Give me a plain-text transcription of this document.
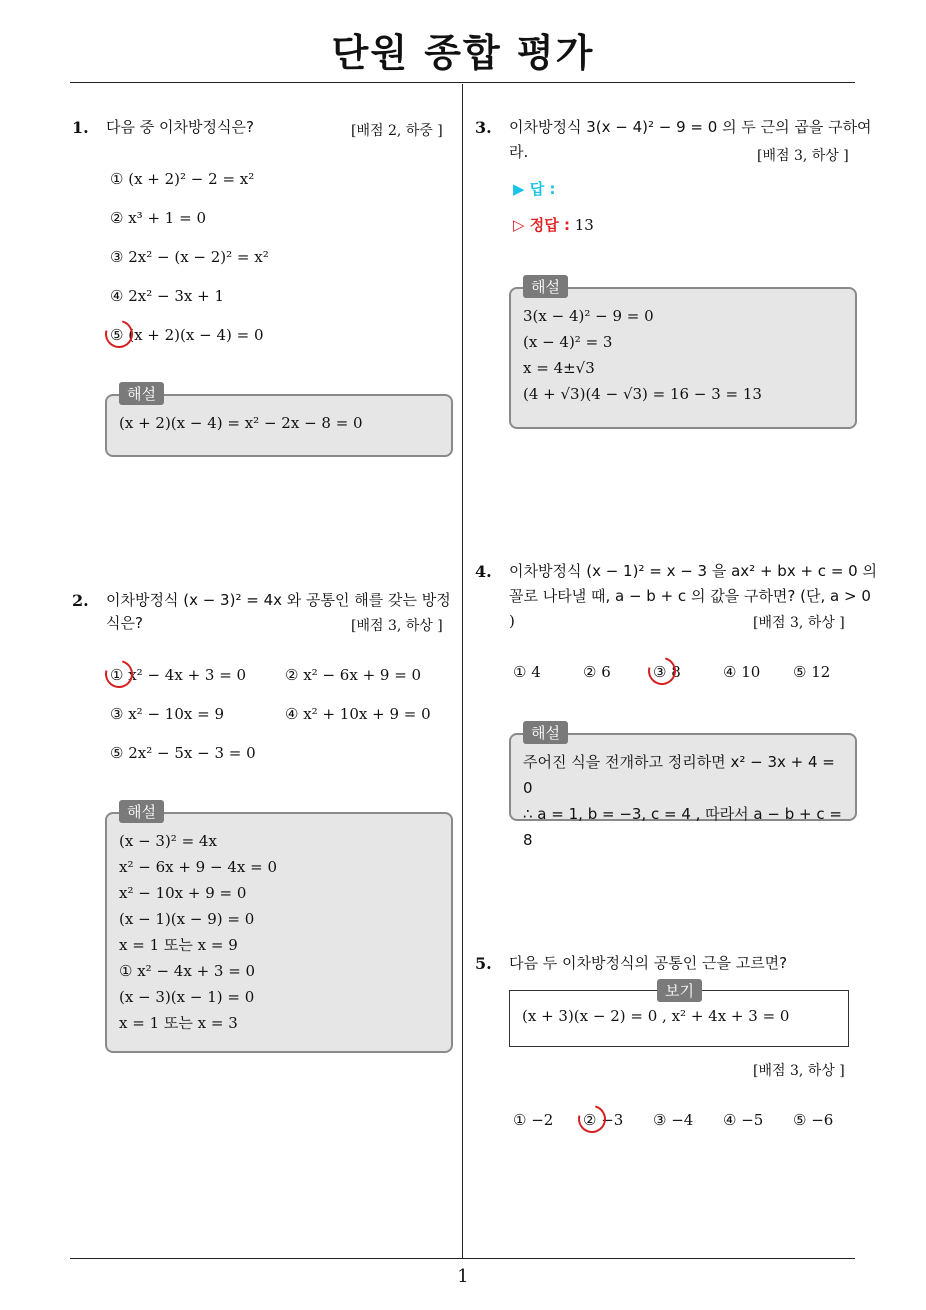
단원 종합 평가
1
1. 다음 중 이차방정식은?	[배점 2, 하중 ]
① (x + 2)² − 2 = x²
② x³ + 1 = 0
③ 2x² − (x − 2)² = x²
④ 2x² − 3x + 1
⑤ (x + 2)(x − 4) = 0
(x + 2)(x − 4) = x² − 2x − 8 = 0
해설
2. 이차방정식 (x − 3)² = 4x 와 공통인 해를 갖는 방정
식은?	[배점 3, 하상 ]
① x² − 4x + 3 = 0	② x² − 6x + 9 = 0
③ x² − 10x = 9	④ x² + 10x + 9 = 0
⑤ 2x² − 5x − 3 = 0
(x − 3)² = 4x
x² − 6x + 9 − 4x = 0
x² − 10x + 9 = 0
(x − 1)(x − 9) = 0
x = 1 또는 x = 9
① x² − 4x + 3 = 0
(x − 3)(x − 1) = 0
x = 1 또는 x = 3
해설
3. 이차방정식 3(x − 4)² − 9 = 0 의 두 근의 곱을 구하여
라.	[배점 3, 하상 ]
▶ 답 :
▷ 정답 : 13
3(x − 4)² − 9 = 0
(x − 4)² = 3
x = 4±√3
(4 + √3)(4 − √3) = 16 − 3 = 13
해설
4. 이차방정식 (x − 1)² = x − 3 을 ax² + bx + c = 0 의
꼴로 나타낼 때, a − b + c 의 값을 구하면? (단, a > 0
)	[배점 3, 하상 ]
① 4	② 6	③ 8	④ 10 ⑤ 12
주어진 식을 전개하고 정리하면 x² − 3x + 4 = 0
∴ a = 1, b = −3, c = 4 , 따라서 a − b + c = 8
해설
5. 다음 두 이차방정식의 공통인 근을 고르면?
(x + 3)(x − 2) = 0 , x² + 4x + 3 = 0
보기
[배점 3, 하상 ]
① −2 ② −3 ③ −4 ④ −5 ⑤ −6
